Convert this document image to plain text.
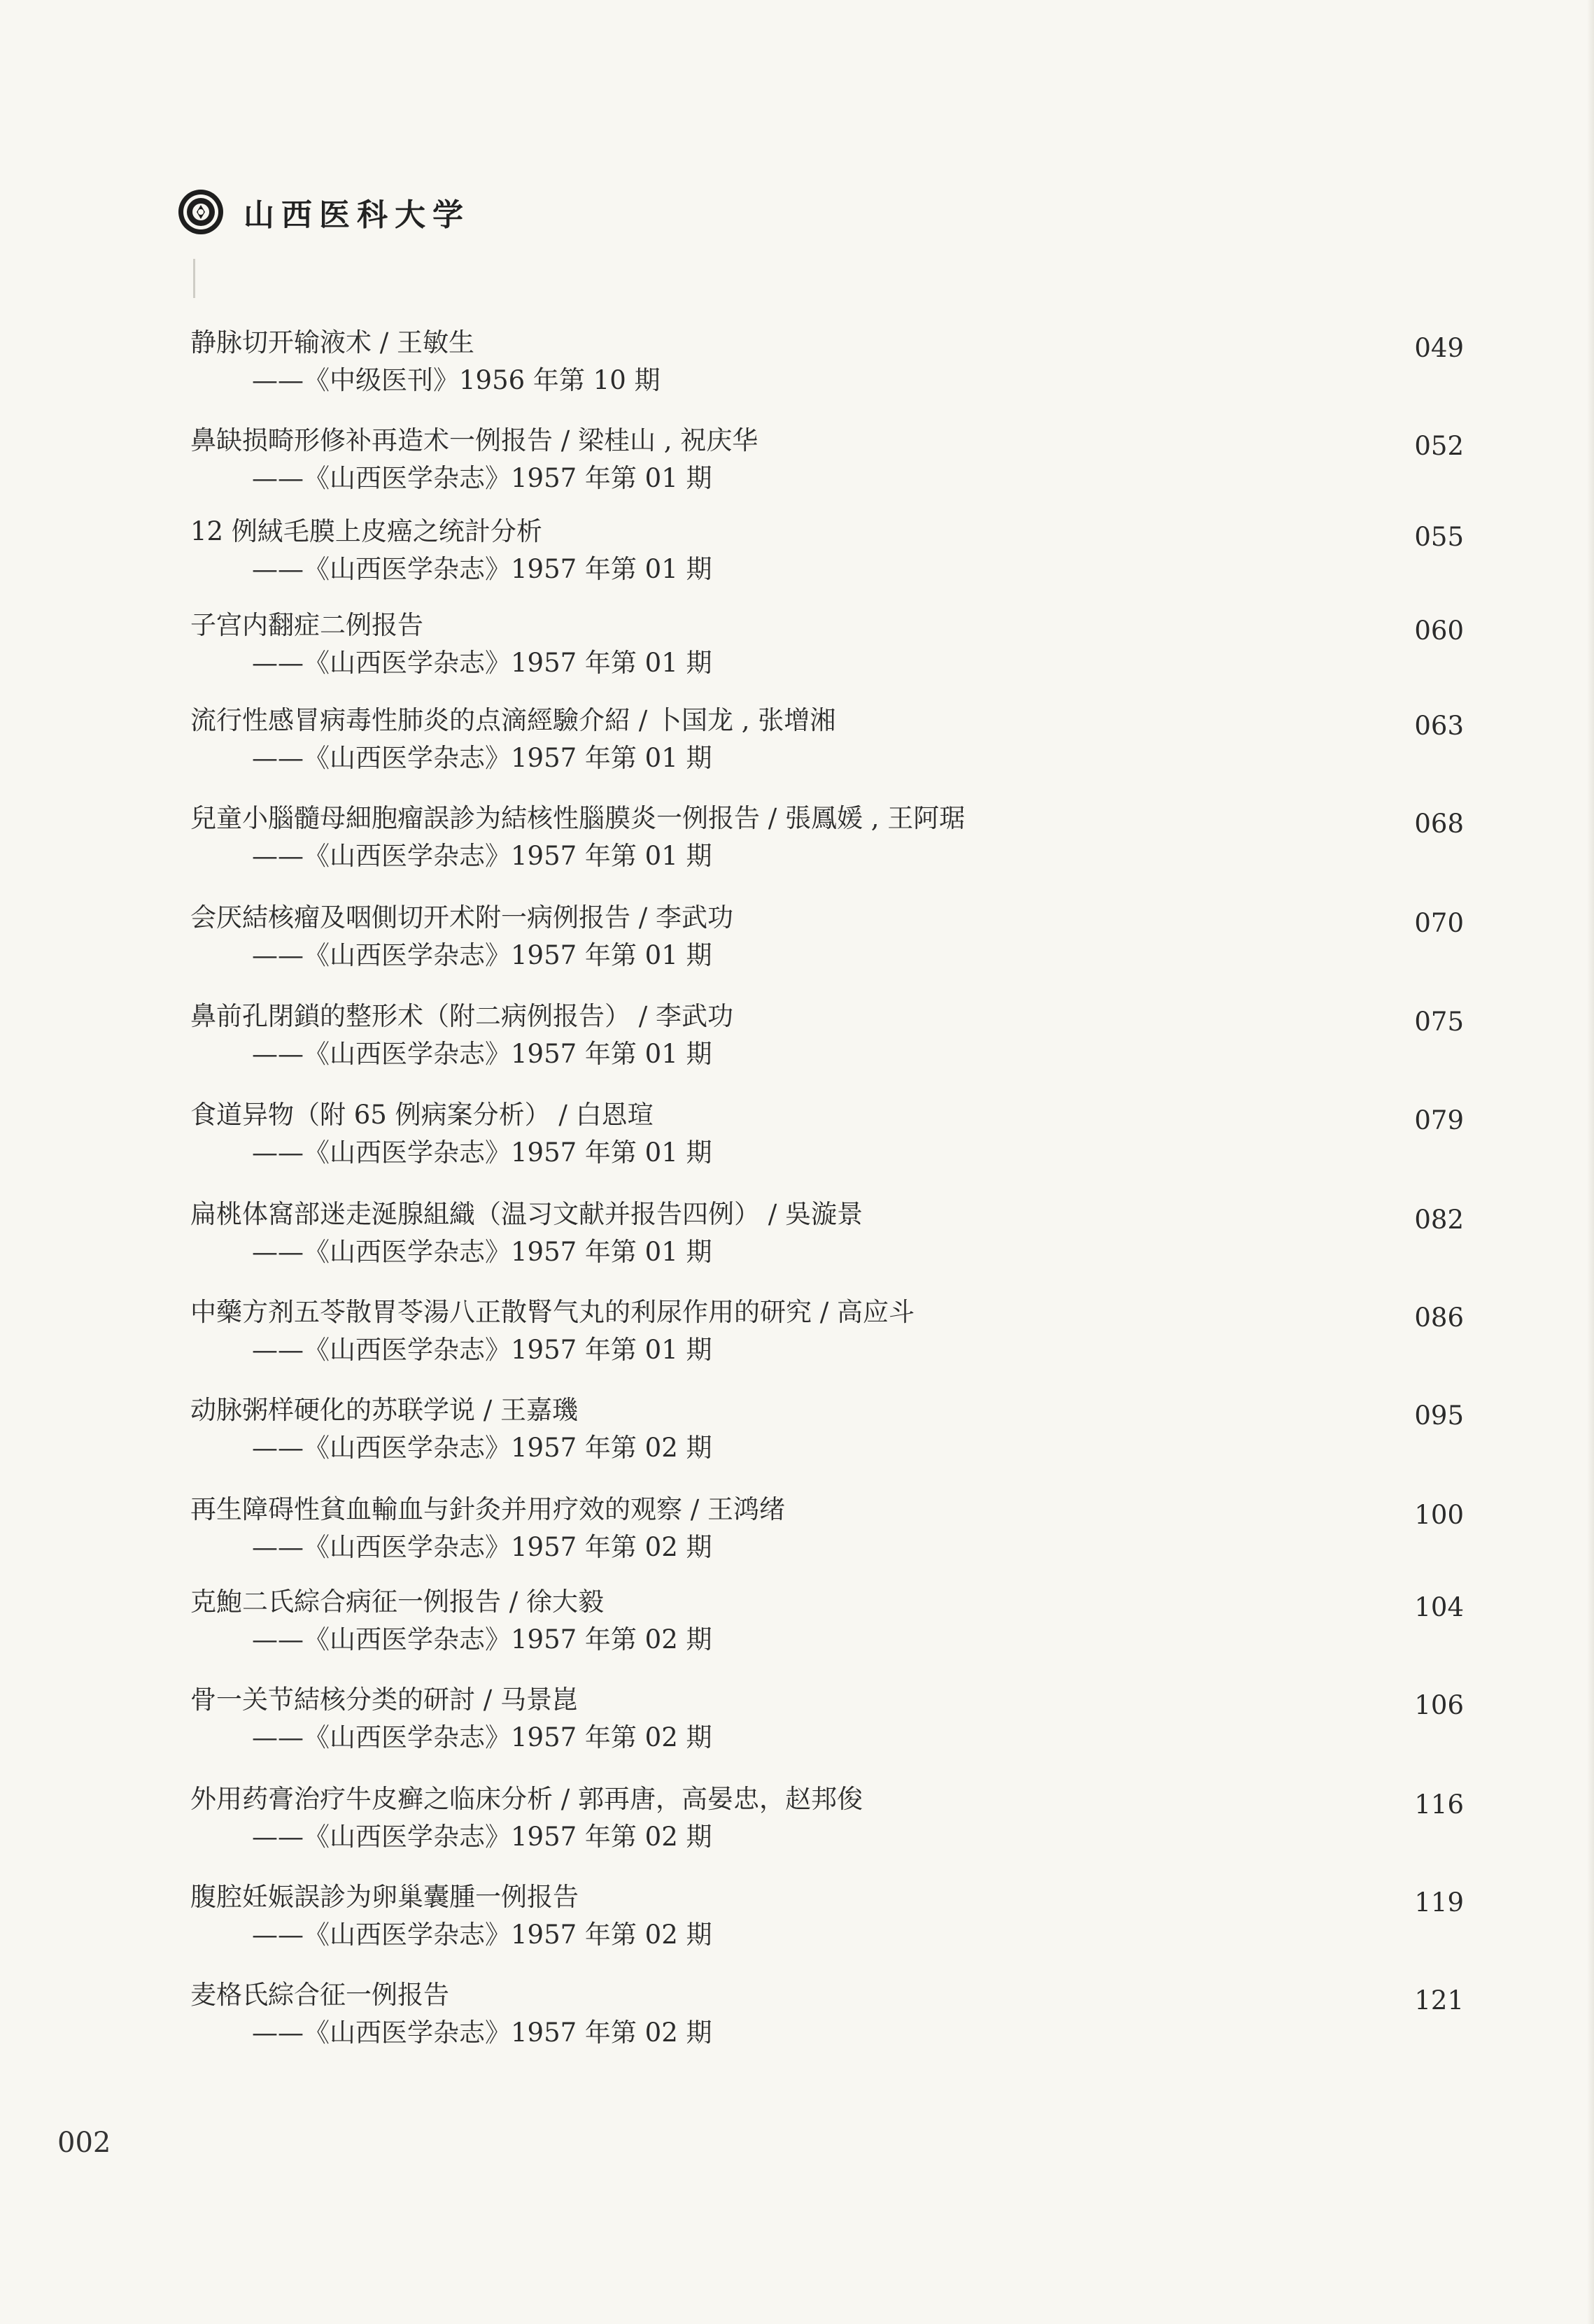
山西医科大学
静脉切开输液术 / 王敏生
——《中级医刊》1956 年第 10 期
049
鼻缺损畸形修补再造术一例报告 / 梁桂山 , 祝庆华
——《山西医学杂志》1957 年第 01 期
052
12 例絨毛膜上皮癌之统計分析
——《山西医学杂志》1957 年第 01 期
055
子宫内翻症二例报告
——《山西医学杂志》1957 年第 01 期
060
流行性感冒病毒性肺炎的点滴經驗介紹 / 卜国龙 , 张增湘
——《山西医学杂志》1957 年第 01 期
063
兒童小腦髓母細胞瘤誤診为結核性腦膜炎一例报告 / 張鳳媛 , 王阿琚
——《山西医学杂志》1957 年第 01 期
068
会厌結核瘤及咽側切开术附一病例报告 / 李武功
——《山西医学杂志》1957 年第 01 期
070
鼻前孔閉鎖的整形术（附二病例报告） / 李武功
——《山西医学杂志》1957 年第 01 期
075
食道异物（附 65 例病案分析） / 白恩瑄
——《山西医学杂志》1957 年第 01 期
079
扁桃体窩部迷走涎腺組織（温习文献并报告四例） / 吳漩景
——《山西医学杂志》1957 年第 01 期
082
中藥方剂五苓散胃苓湯八正散腎气丸的利尿作用的研究 / 高应斗
——《山西医学杂志》1957 年第 01 期
086
动脉粥样硬化的苏联学说 / 王嘉璣
——《山西医学杂志》1957 年第 02 期
095
再生障碍性貧血輸血与針灸并用疗效的观察 / 王鸿绪
——《山西医学杂志》1957 年第 02 期
100
克鮑二氏綜合病征一例报告 / 徐大毅
——《山西医学杂志》1957 年第 02 期
104
骨一关节結核分类的研討 / 马景崑
——《山西医学杂志》1957 年第 02 期
106
外用药膏治疗牛皮癣之临床分析 / 郭再唐，高晏忠，赵邦俊
——《山西医学杂志》1957 年第 02 期
116
腹腔妊娠誤診为卵巢囊腫一例报告
——《山西医学杂志》1957 年第 02 期
119
麦格氏綜合征一例报告
——《山西医学杂志》1957 年第 02 期
121
002
